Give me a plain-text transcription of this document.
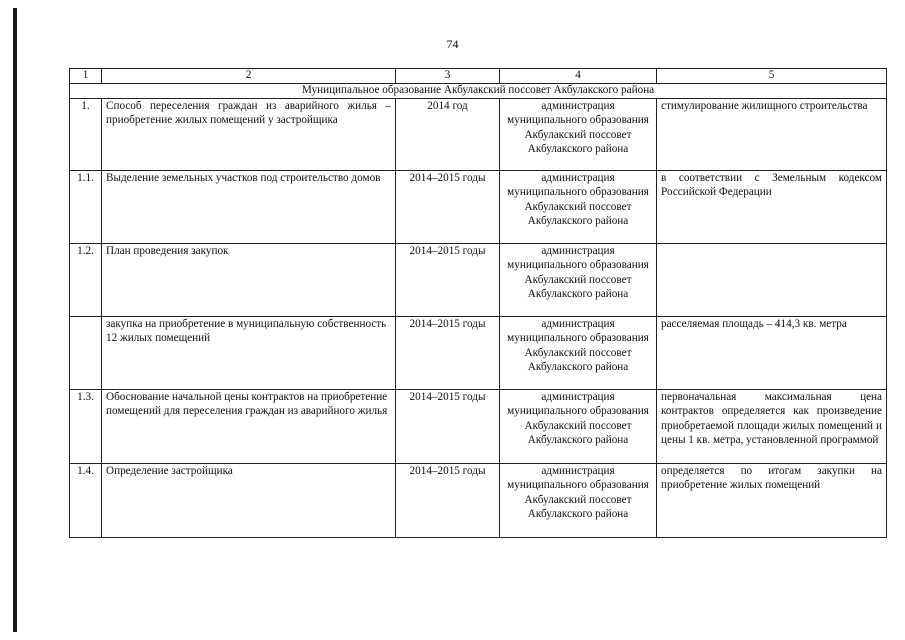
74
1	2	3	4	5
Муниципальное образование Акбулакский поссовет Акбулакского района				
1.	Способ переселения граждан из аварийного жилья – приобретение жилых помещений у застройщика	2014 год	администрация муниципального образования Акбулакский поссовет Акбулакского района	стимулирование жилищного строительства
1.1.	Выделение земельных участков под строительство домов	2014–2015 годы	администрация муниципального образования Акбулакский поссовет Акбулакского района	в соответствии с Земельным кодексом Российской Федерации
1.2.	План проведения закупок	2014–2015 годы	администрация муниципального образования Акбулакский поссовет Акбулакского района	
	закупка на приобретение в муниципальную собственность 12 жилых помещений	2014–2015 годы	администрация муниципального образования Акбулакский поссовет Акбулакского района	расселяемая площадь – 414,3 кв. метра
1.3.	Обоснование начальной цены контрактов на приобретение помещений для переселения граждан из аварийного жилья	2014–2015 годы	администрация муниципального образования Акбулакский поссовет Акбулакского района	первоначальная максимальная цена контрактов определяется как произведение приобретаемой площади жилых помещений и цены 1 кв. метра, установленной программой
1.4.	Определение застройщика	2014–2015 годы	администрация муниципального образования Акбулакский поссовет Акбулакского района	определяется по итогам закупки на приобретение жилых помещений
